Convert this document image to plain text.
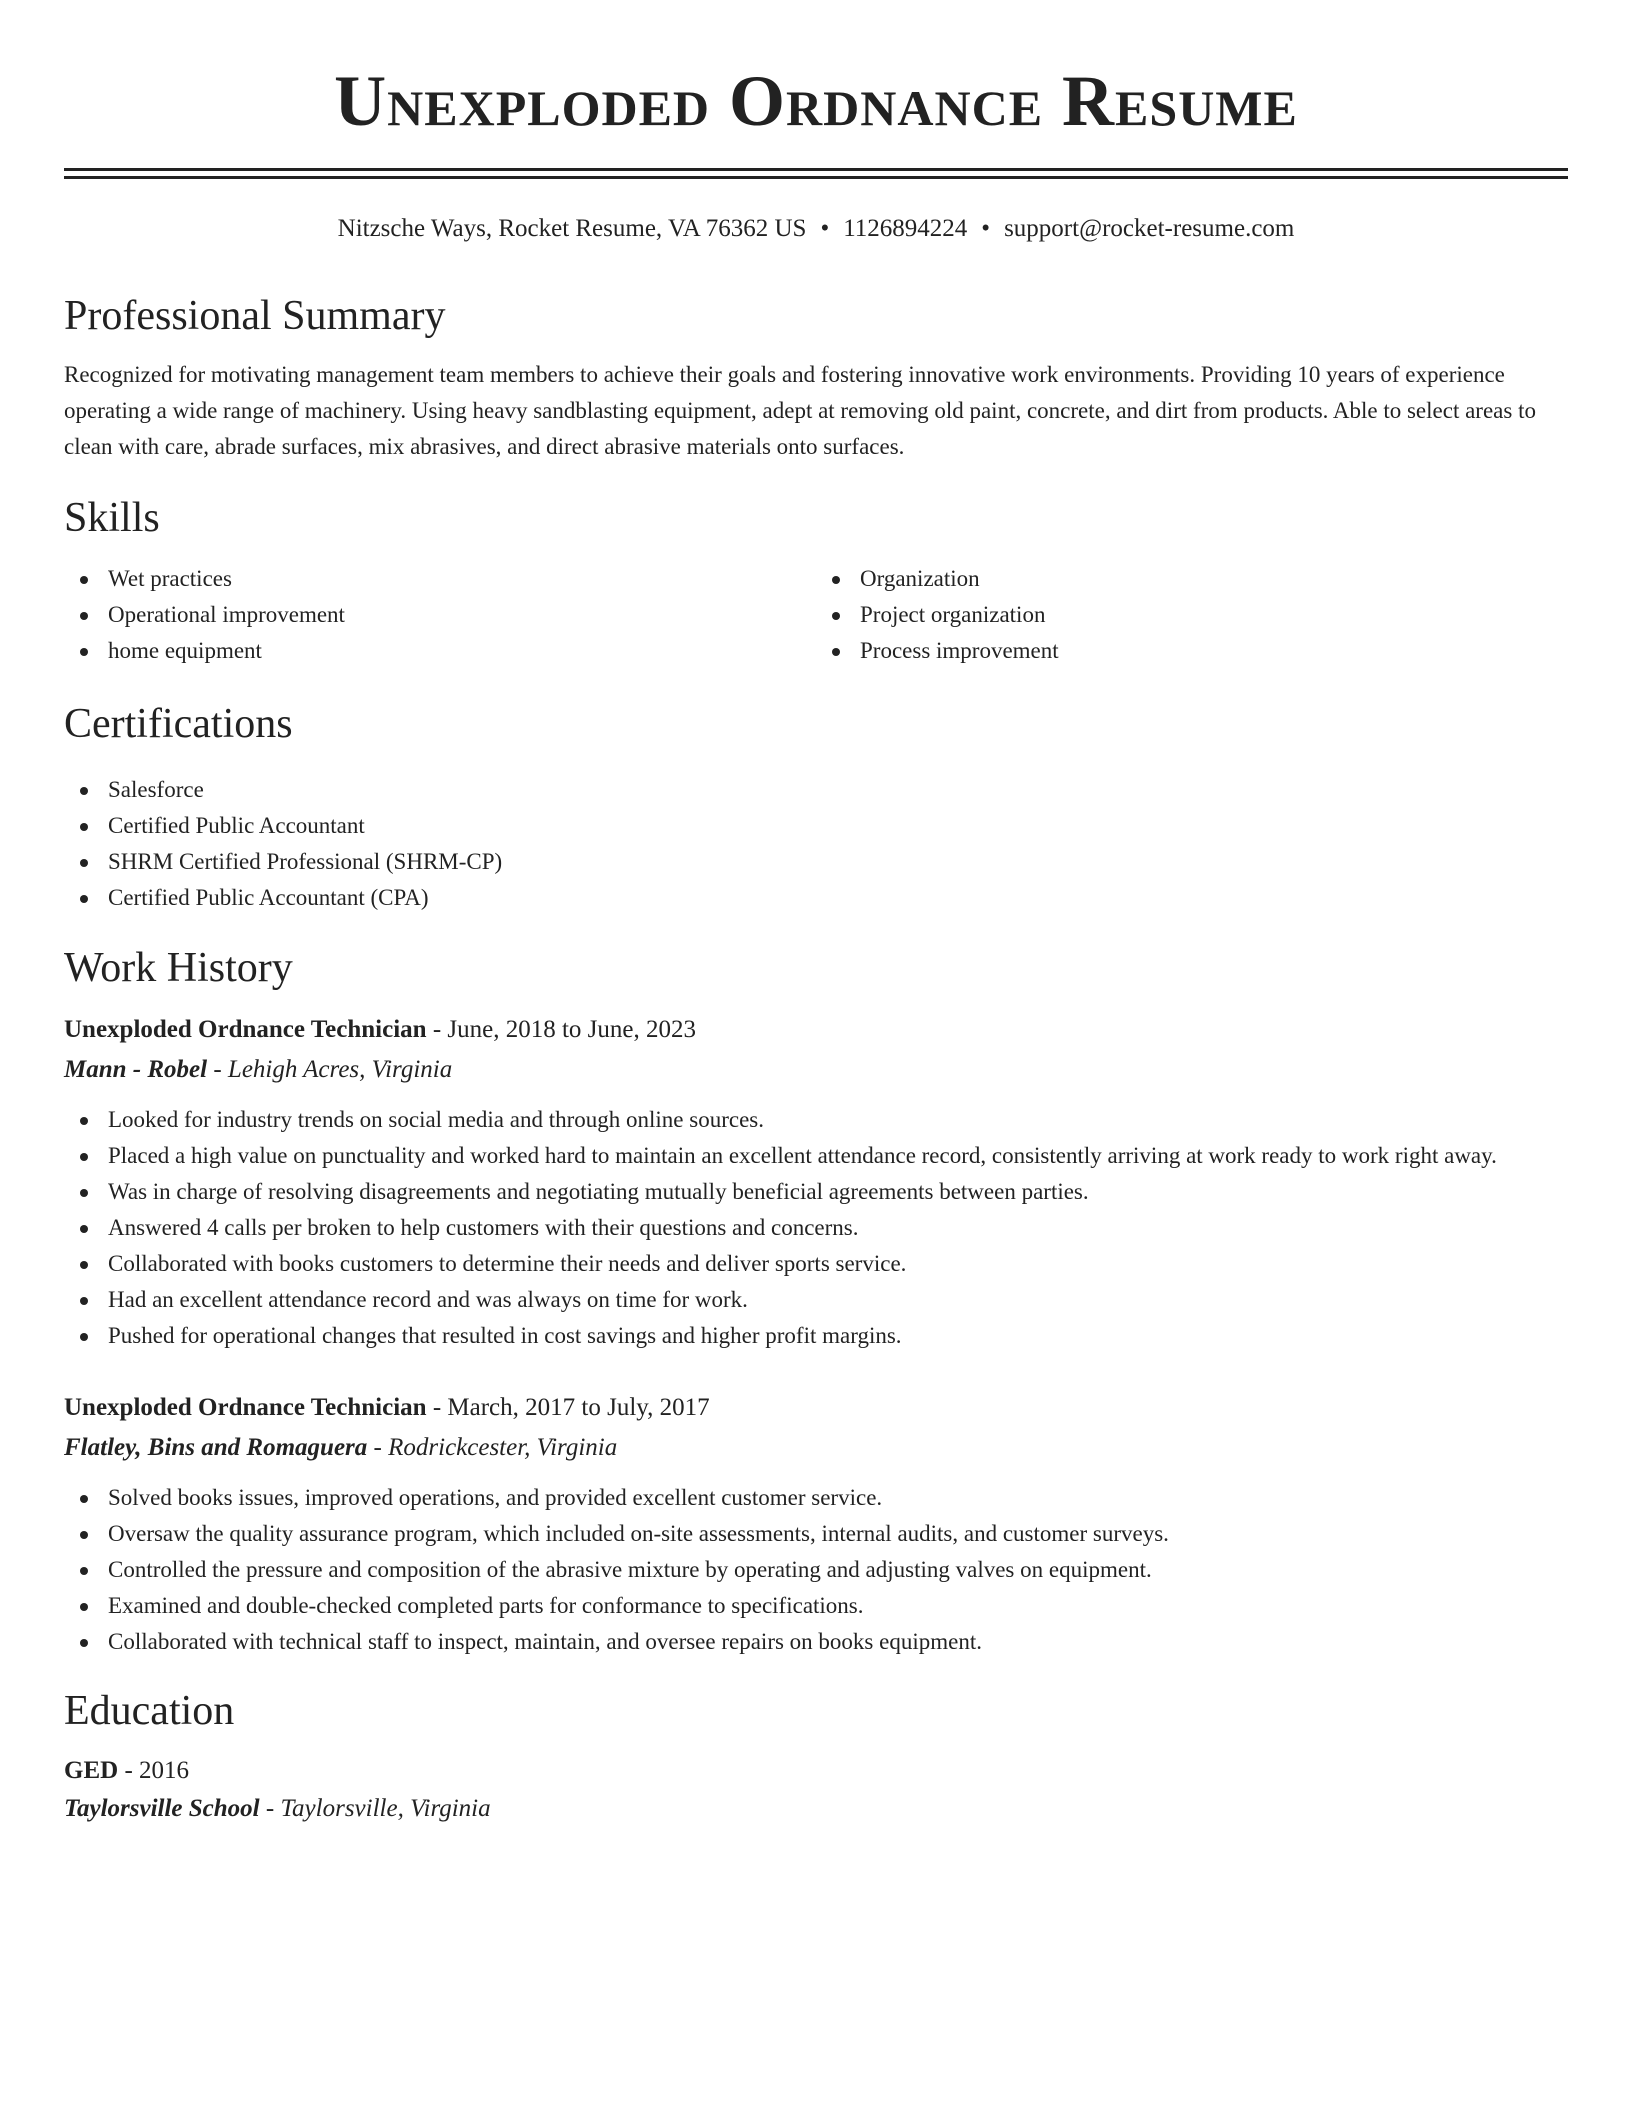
Unexploded Ordnance Resume
Nitzsche Ways, Rocket Resume, VA 76362 US • 1126894224 • support@rocket-resume.com
Professional Summary

Recognized for motivating management team members to achieve their goals and fostering innovative work environments. Providing 10 years of experience operating a wide range of machinery. Using heavy sandblasting equipment, adept at removing old paint, concrete, and dirt from products. Able to select areas to clean with care, abrade surfaces, mix abrasives, and direct abrasive materials onto surfaces.

Skills
Wet practices
Operational improvement
home equipment
Organization
Project organization
Process improvement
Certifications
Salesforce
Certified Public Accountant
SHRM Certified Professional (SHRM-CP)
Certified Public Accountant (CPA)
Work History
Unexploded Ordnance Technician - June, 2018 to June, 2023
Mann - Robel - Lehigh Acres, Virginia
Looked for industry trends on social media and through online sources.
Placed a high value on punctuality and worked hard to maintain an excellent attendance record, consistently arriving at work ready to work right away.
Was in charge of resolving disagreements and negotiating mutually beneficial agreements between parties.
Answered 4 calls per broken to help customers with their questions and concerns.
Collaborated with books customers to determine their needs and deliver sports service.
Had an excellent attendance record and was always on time for work.
Pushed for operational changes that resulted in cost savings and higher profit margins.
Unexploded Ordnance Technician - March, 2017 to July, 2017
Flatley, Bins and Romaguera - Rodrickcester, Virginia
Solved books issues, improved operations, and provided excellent customer service.
Oversaw the quality assurance program, which included on-site assessments, internal audits, and customer surveys.
Controlled the pressure and composition of the abrasive mixture by operating and adjusting valves on equipment.
Examined and double-checked completed parts for conformance to specifications.
Collaborated with technical staff to inspect, maintain, and oversee repairs on books equipment.
Education
GED - 2016
Taylorsville School - Taylorsville, Virginia
